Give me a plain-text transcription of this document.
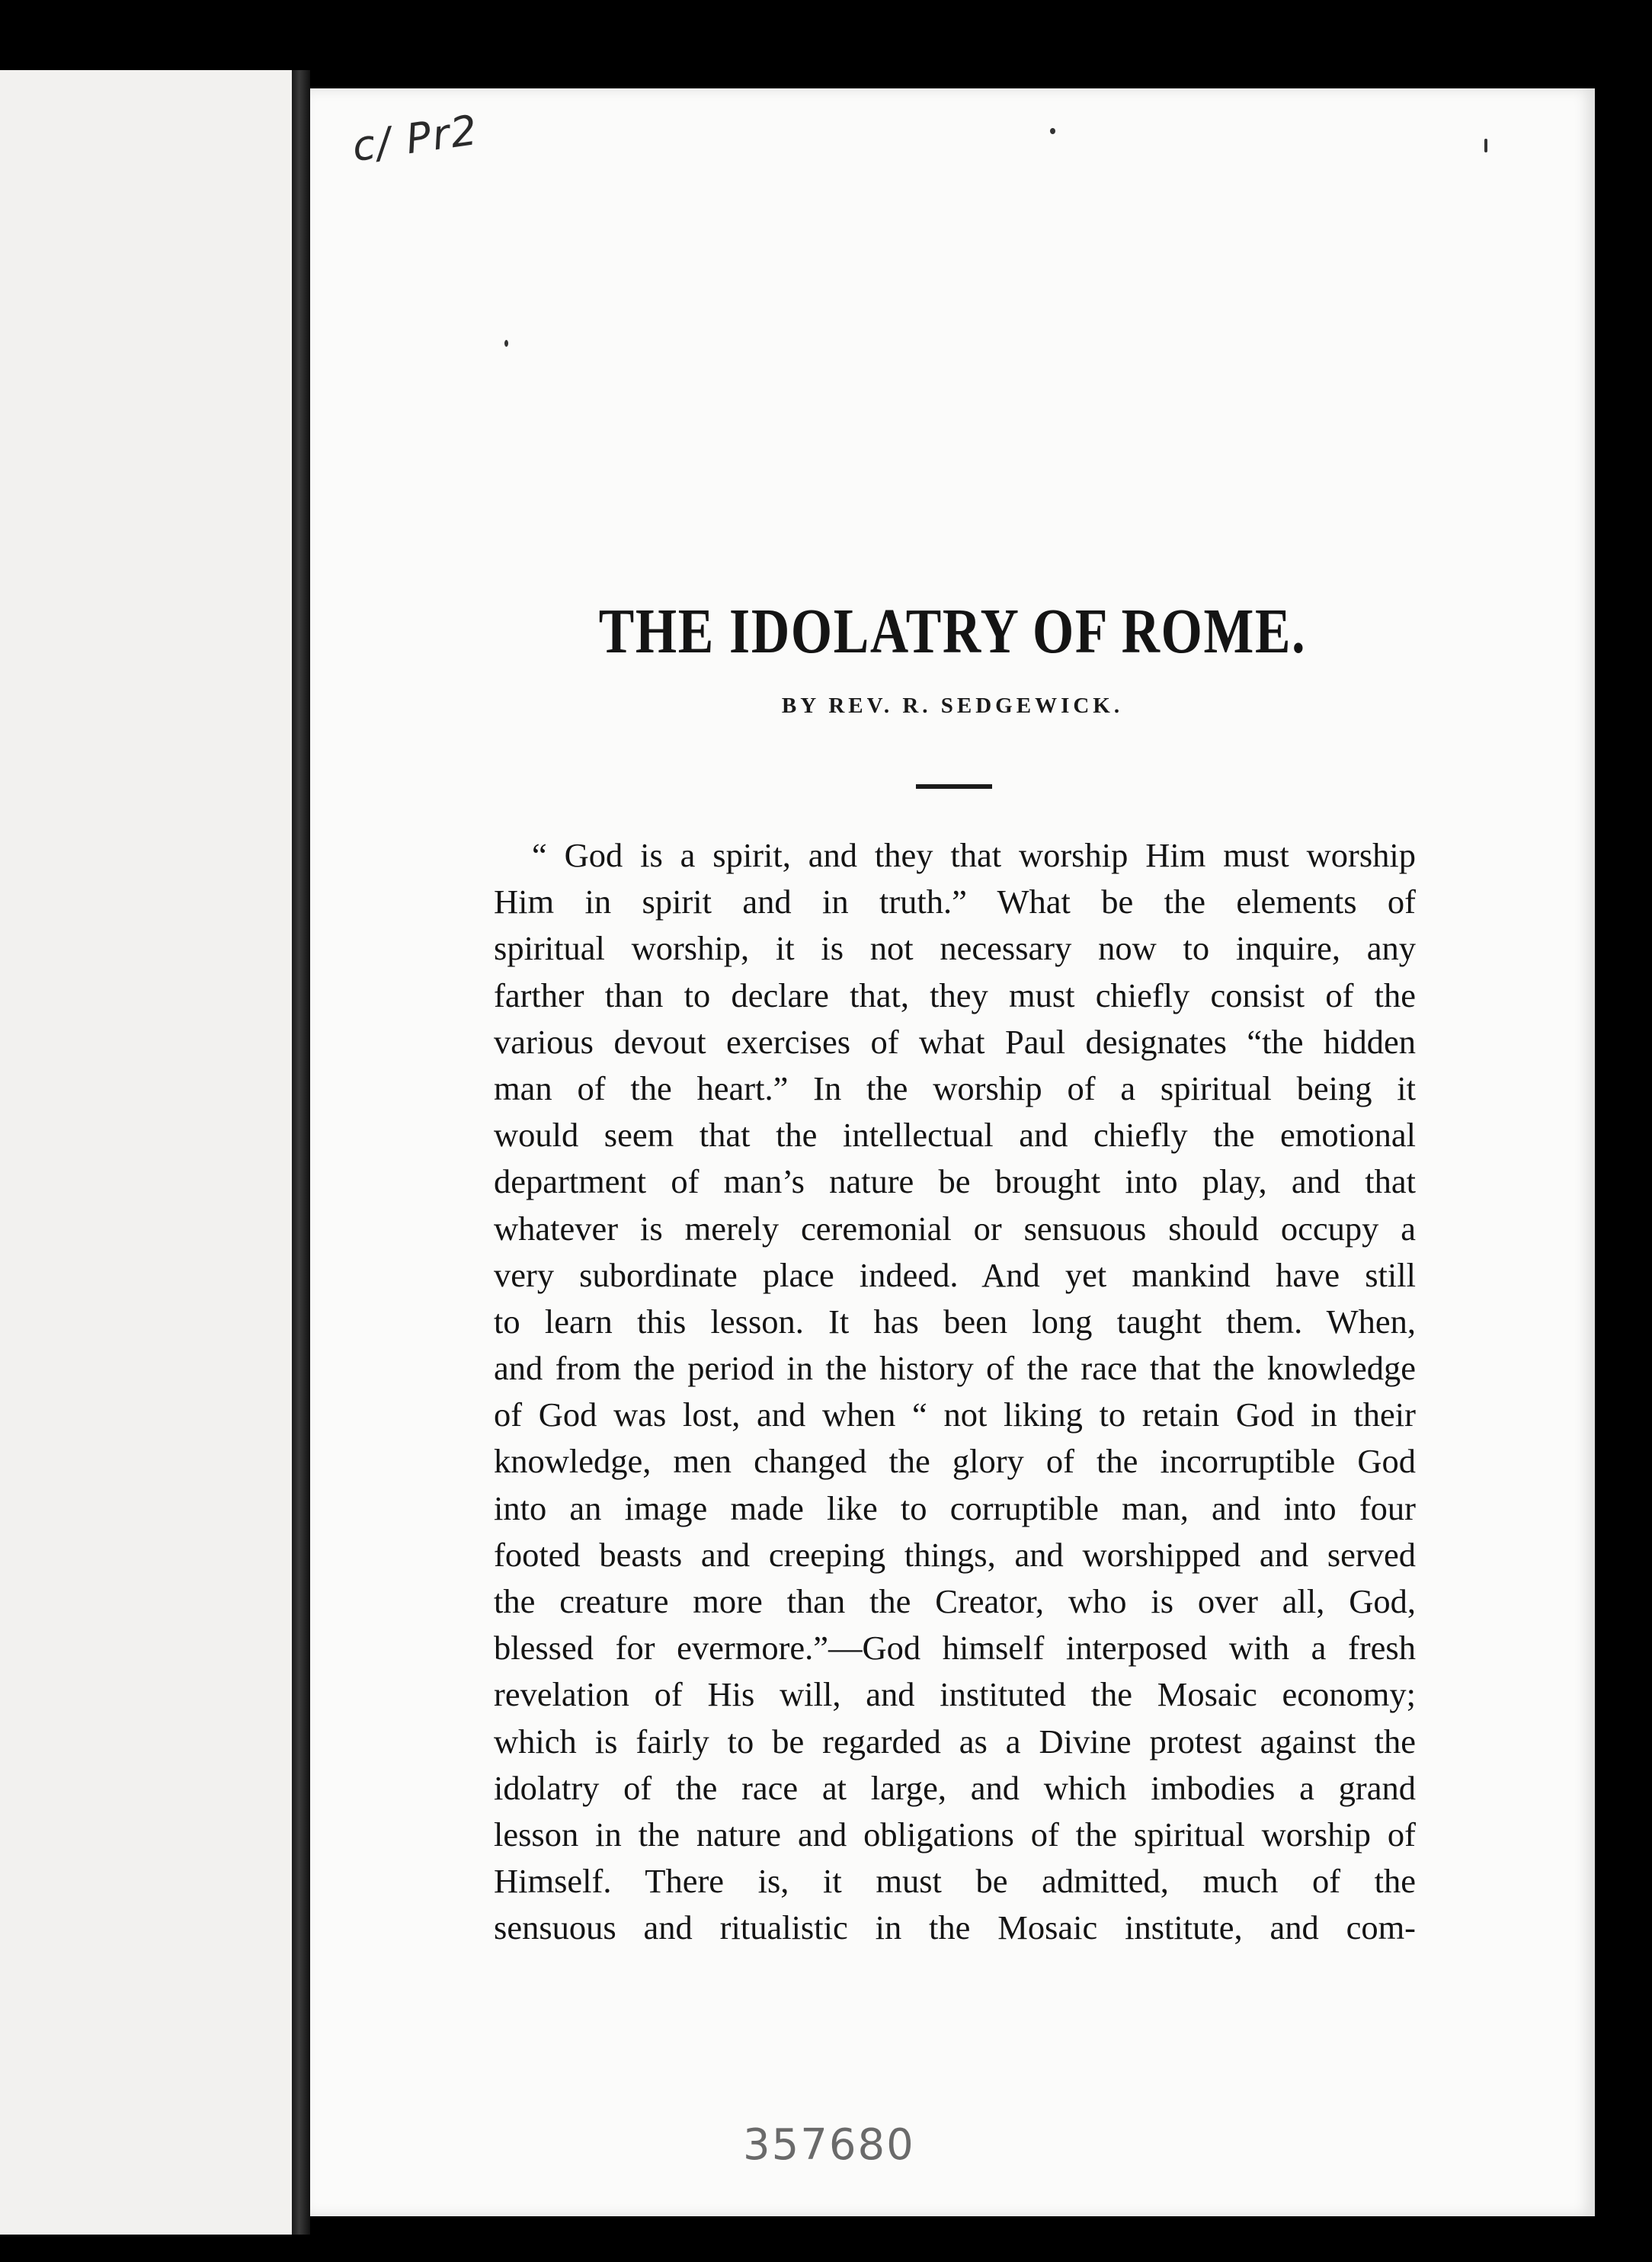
c/ Pr2
THE IDOLATRY OF ROME.
BY REV. R. SEDGEWICK.
“ God is a spirit, and they that worship Him must worship
Him in spirit and in truth.” What be the elements of
spiritual worship, it is not necessary now to inquire, any
farther than to declare that, they must chiefly consist of the
various devout exercises of what Paul designates “the hidden
man of the heart.” In the worship of a spiritual being it
would seem that the intellectual and chiefly the emotional
department of man’s nature be brought into play, and that
whatever is merely ceremonial or sensuous should occupy a
very subordinate place indeed. And yet mankind have still
to learn this lesson. It has been long taught them. When,
and from the period in the history of the race that the knowledge
of God was lost, and when “ not liking to retain God in their
knowledge, men changed the glory of the incorruptible God
into an image made like to corruptible man, and into four
footed beasts and creeping things, and worshipped and served
the creature more than the Creator, who is over all, God,
blessed for evermore.”—God himself interposed with a fresh
revelation of His will, and instituted the Mosaic economy;
which is fairly to be regarded as a Divine protest against the
idolatry of the race at large, and which imbodies a grand
lesson in the nature and obligations of the spiritual worship of
Himself. There is, it must be admitted, much of the
sensuous and ritualistic in the Mosaic institute, and com-
357680
